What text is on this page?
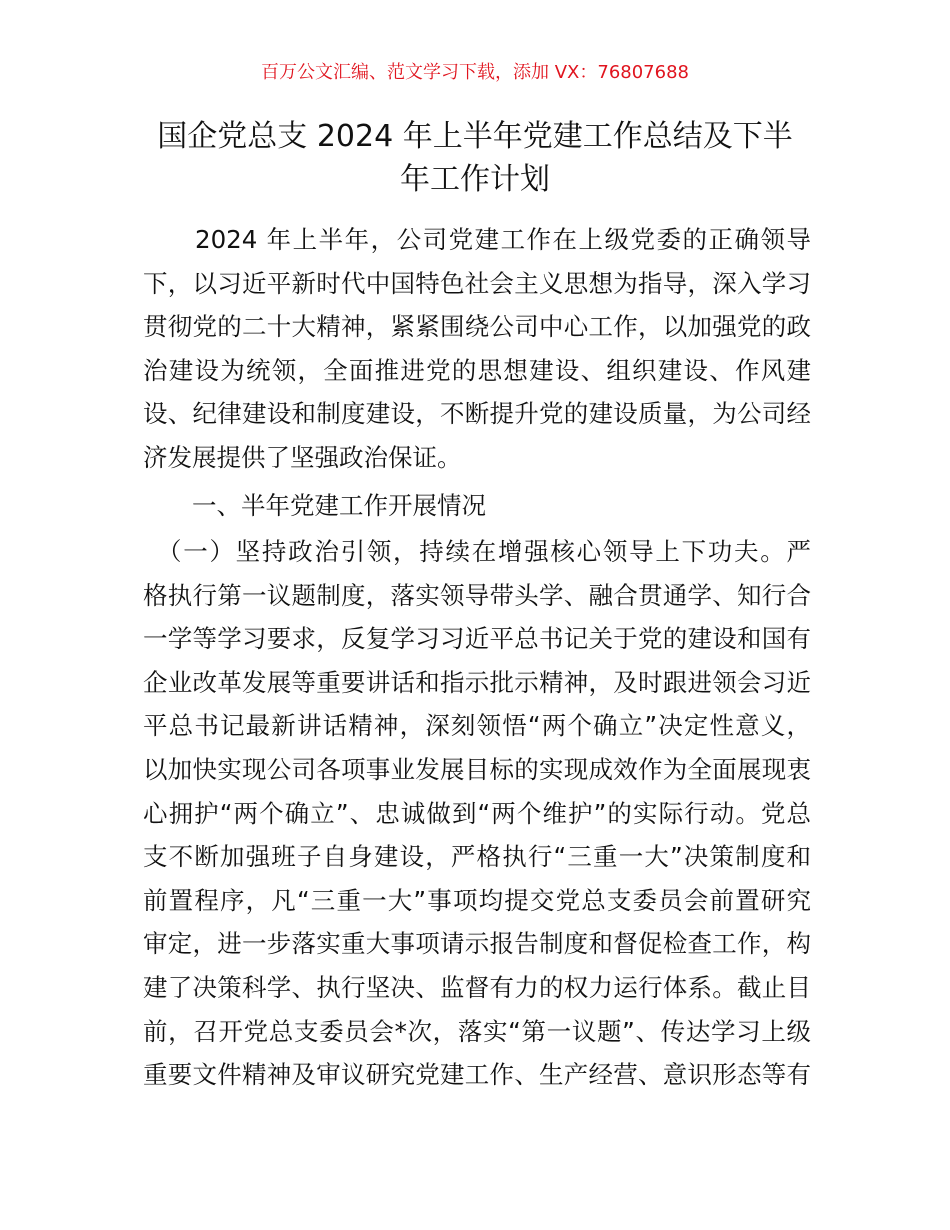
百万公文汇编、范文学习下载，添加 VX：76807688
国企党总支 2024 年上半年党建工作总结及下半
年工作计划
　　2024 年上半年，公司党建工作在上级党委的正确领导
下，以习近平新时代中国特色社会主义思想为指导，深入学习
贯彻党的二十大精神，紧紧围绕公司中心工作，以加强党的政
治建设为统领，全面推进党的思想建设、组织建设、作风建
设、纪律建设和制度建设，不断提升党的建设质量，为公司经
济发展提供了坚强政治保证。
　　一、半年党建工作开展情况
　（一）坚持政治引领，持续在增强核心领导上下功夫。严
格执行第一议题制度，落实领导带头学、融合贯通学、知行合
一学等学习要求，反复学习习近平总书记关于党的建设和国有
企业改革发展等重要讲话和指示批示精神，及时跟进领会习近
平总书记最新讲话精神，深刻领悟“两个确立”决定性意义，
以加快实现公司各项事业发展目标的实现成效作为全面展现衷
心拥护“两个确立”、忠诚做到“两个维护”的实际行动。党总
支不断加强班子自身建设，严格执行“三重一大”决策制度和
前置程序，凡“三重一大”事项均提交党总支委员会前置研究
审定，进一步落实重大事项请示报告制度和督促检查工作，构
建了决策科学、执行坚决、监督有力的权力运行体系。截止目
前，召开党总支委员会*次，落实“第一议题”、传达学习上级
重要文件精神及审议研究党建工作、生产经营、意识形态等有
